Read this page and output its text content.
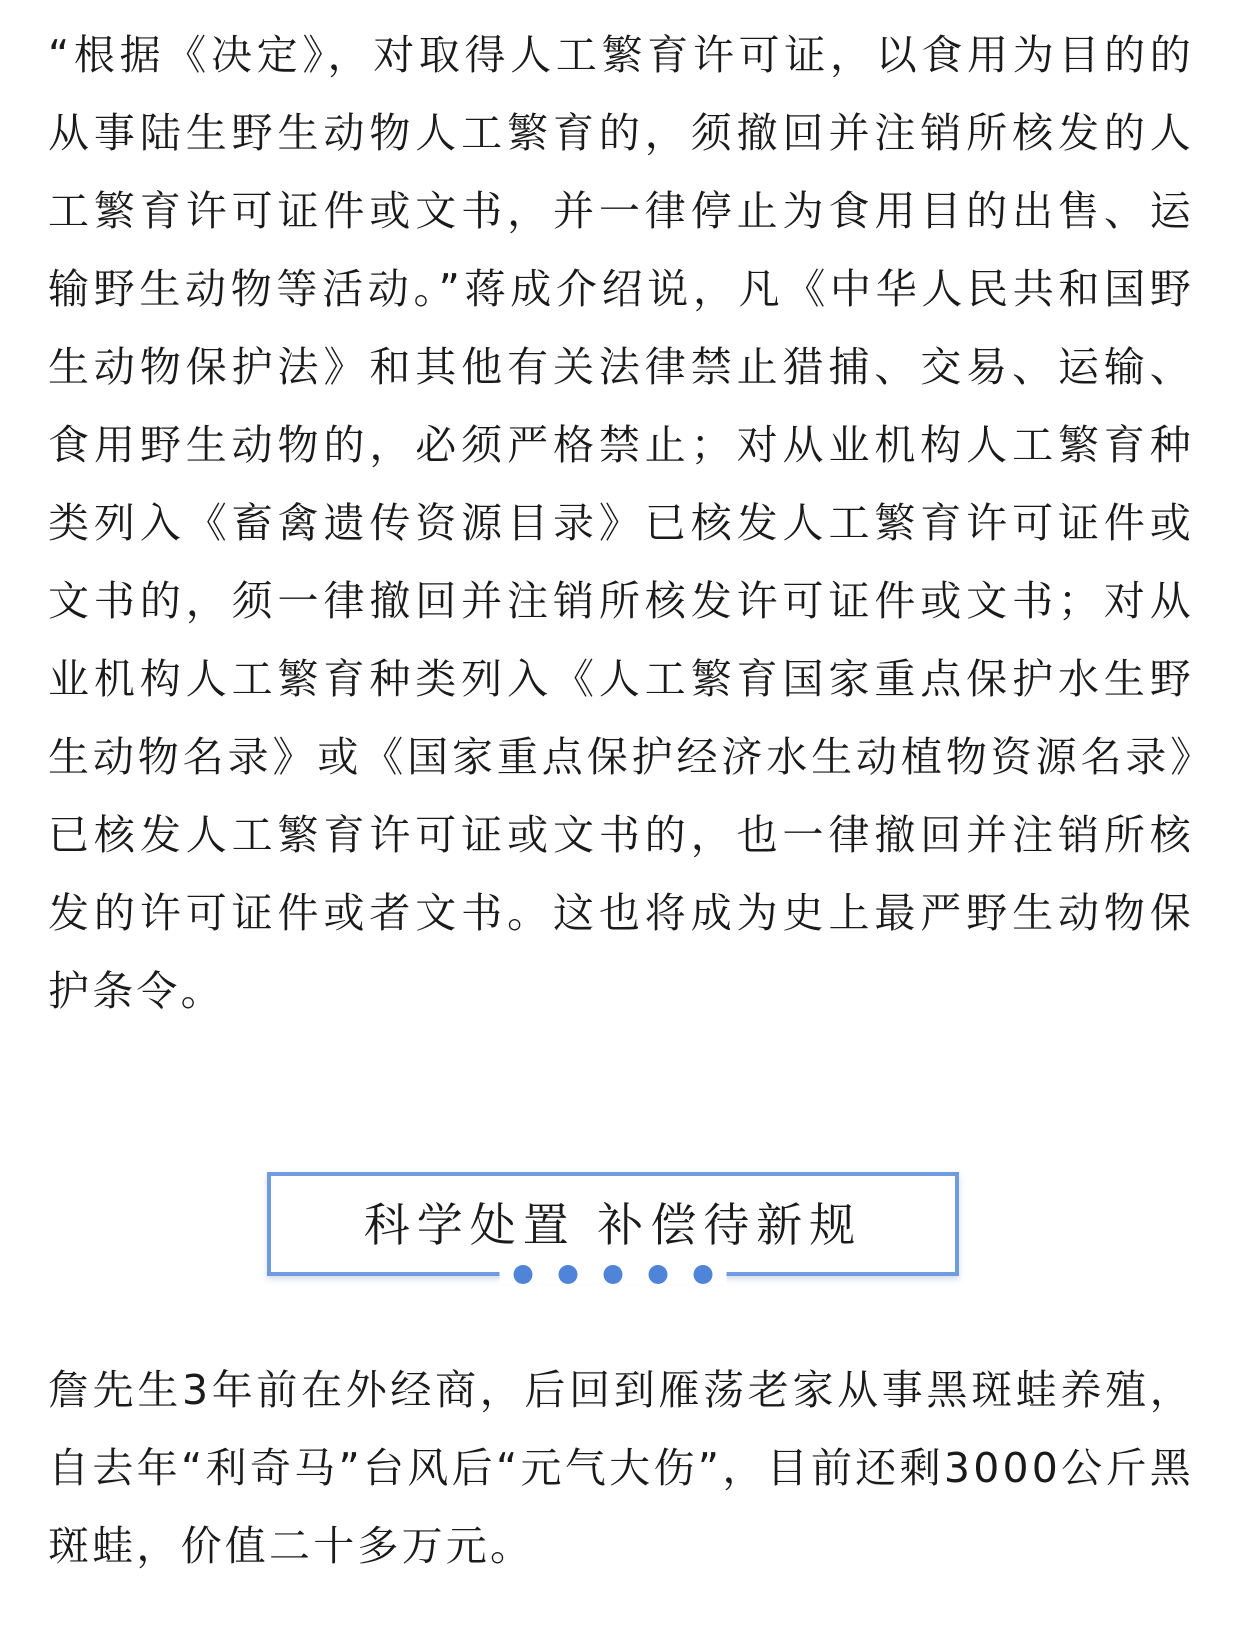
“根据《决定》，对取得人工繁育许可证，以食用为目的的从事陆生野生动物人工繁育的，须撤回并注销所核发的人工繁育许可证件或文书，并一律停止为食用目的出售、运输野生动物等活动。”蒋成介绍说，凡《中华人民共和国野生动物保护法》和其他有关法律禁止猎捕、交易、运输、食用野生动物的，必须严格禁止；对从业机构人工繁育种类列入《畜禽遗传资源目录》已核发人工繁育许可证件或文书的，须一律撤回并注销所核发许可证件或文书；对从业机构人工繁育种类列入《人工繁育国家重点保护水生野生动物名录》或《国家重点保护经济水生动植物资源名录》已核发人工繁育许可证或文书的，也一律撤回并注销所核发的许可证件或者文书。这也将成为史上最严野生动物保护条令。

科学处置 补偿待新规

詹先生3年前在外经商，后回到雁荡老家从事黑斑蛙养殖，自去年“利奇马”台风后“元气大伤”，目前还剩3000公斤黑斑蛙，价值二十多万元。
